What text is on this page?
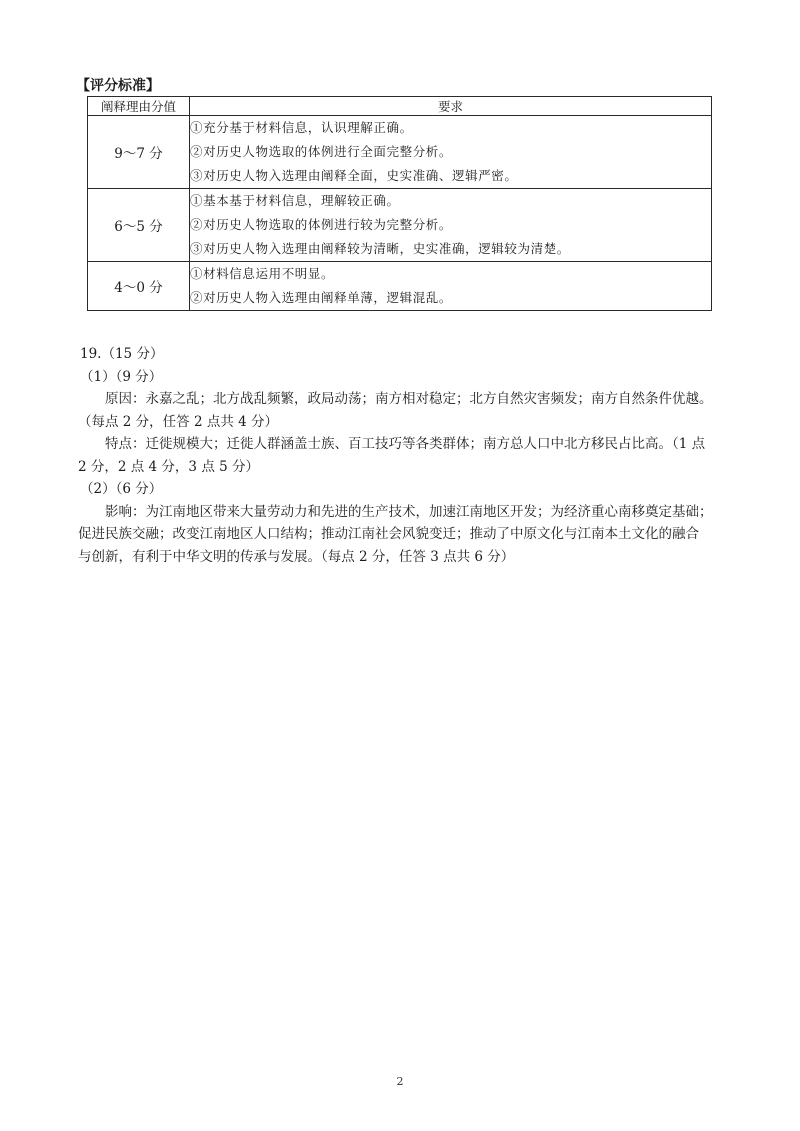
【评分标准】
阐释理由分值	要求
9～7 分	①充分基于材料信息，认识理解正确。
②对历史人物选取的体例进行全面完整分析。
③对历史人物入选理由阐释全面，史实准确、逻辑严密。

6～5 分	①基本基于材料信息，理解较正确。
②对历史人物选取的体例进行较为完整分析。
③对历史人物入选理由阐释较为清晰，史实准确，逻辑较为清楚。

4～0 分	①材料信息运用不明显。
②对历史人物入选理由阐释单薄，逻辑混乱。

19.（15 分）

（1）（9 分）

原因：永嘉之乱；北方战乱频繁，政局动荡；南方相对稳定；北方自然灾害频发；南方自然条件优越。

（每点 2 分，任答 2 点共 4 分）

特点：迁徙规模大；迁徙人群涵盖士族、百工技巧等各类群体；南方总人口中北方移民占比高。（1 点

2 分，2 点 4 分，3 点 5 分）

（2）（6 分）

影响：为江南地区带来大量劳动力和先进的生产技术，加速江南地区开发；为经济重心南移奠定基础；

促进民族交融；改变江南地区人口结构；推动江南社会风貌变迁；推动了中原文化与江南本土文化的融合

与创新，有利于中华文明的传承与发展。（每点 2 分，任答 3 点共 6 分）

2
